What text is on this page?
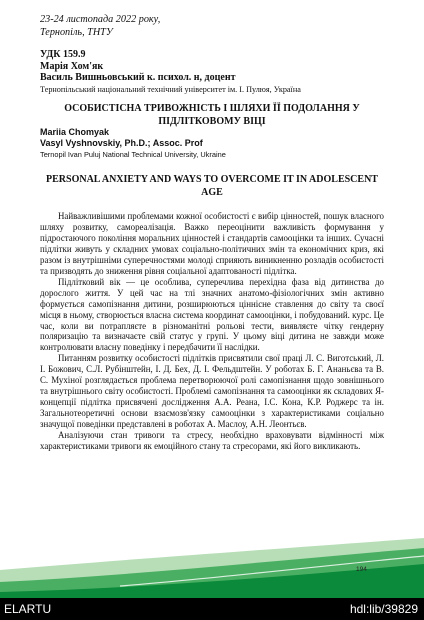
23-24 листопада 2022 року,
Тернопіль, ТНТУ
УДК 159.9
Марія Хом'як
Василь Вишньовський к. психол. н, доцент
Тернопільський національний технічний університет ім. І. Пулюя, Україна
ОСОБИСТІСНА ТРИВОЖНІСТЬ І ШЛЯХИ ЇЇ ПОДОЛАННЯ У ПІДЛІТКОВОМУ ВІЦІ
Mariia Chomyak
Vasyl Vyshnovskiy, Ph.D.; Assoc. Prof
Ternopil Ivan Puluj National Technical University, Ukraine
PERSONAL ANXIETY AND WAYS TO OVERCOME IT IN ADOLESCENT AGE

Найважливішими проблемами кожної особистості є вибір цінностей, пошук власного шляху розвитку, самореалізація. Важко переоцінити важливість формування у підростаючого покоління моральних цінностей і стандартів самооцінки та інших. Сучасні підлітки живуть у складних умовах соціально-політичних змін та економічних криз, які разом із внутрішніми суперечностями молоді сприяють виникненню розладів особистості та призводять до зниження рівня соціальної адаптованості підлітка.

Підлітковий вік — це особлива, суперечлива перехідна фаза від дитинства до дорослого життя. У цей час на тлі значних анатомо-фізіологічних змін активно формується самопізнання дитини, розширюються ціннісне ставлення до світу та своєї місця в ньому, створюється власна система координат самооцінки, і побудований. курс. Це час, коли ви потрапляєте в різноманітні рольові тести, виявляєте чітку гендерну поляризацію та визначаєте свій статус у групі. У цьому віці дитина не завжди може контролювати власну поведінку і передбачити її наслідки.

Питанням розвитку особистості підлітків присвятили свої праці Л. С. Виготський, Л. І. Божович, С.Л. Рубінштейн, І. Д. Бех, Д. І. Фельдштейн. У роботах Б. Г. Ананьєва та В. С. Мухіної розглядається проблема перетворюючої ролі самопізнання щодо зовнішнього та внутрішнього світу особистості. Проблемі самопізнання та самооцінки як складових Я-концепції підлітка присвячені дослідження А.А. Реана, І.С. Кона, К.Р. Роджерс та ін. Загальнотеоретичні основи взаємозв'язку самооцінки з характеристиками соціально значущої поведінки представлені в роботах А. Маслоу, А.Н. Леонтьєв.

Аналізуючи стан тривоги та стресу, необхідно враховувати відмінності між характеристиками тривоги як емоційного стану та стресорами, які його викликають.

194
ELARTU	hdl:lib/39829
